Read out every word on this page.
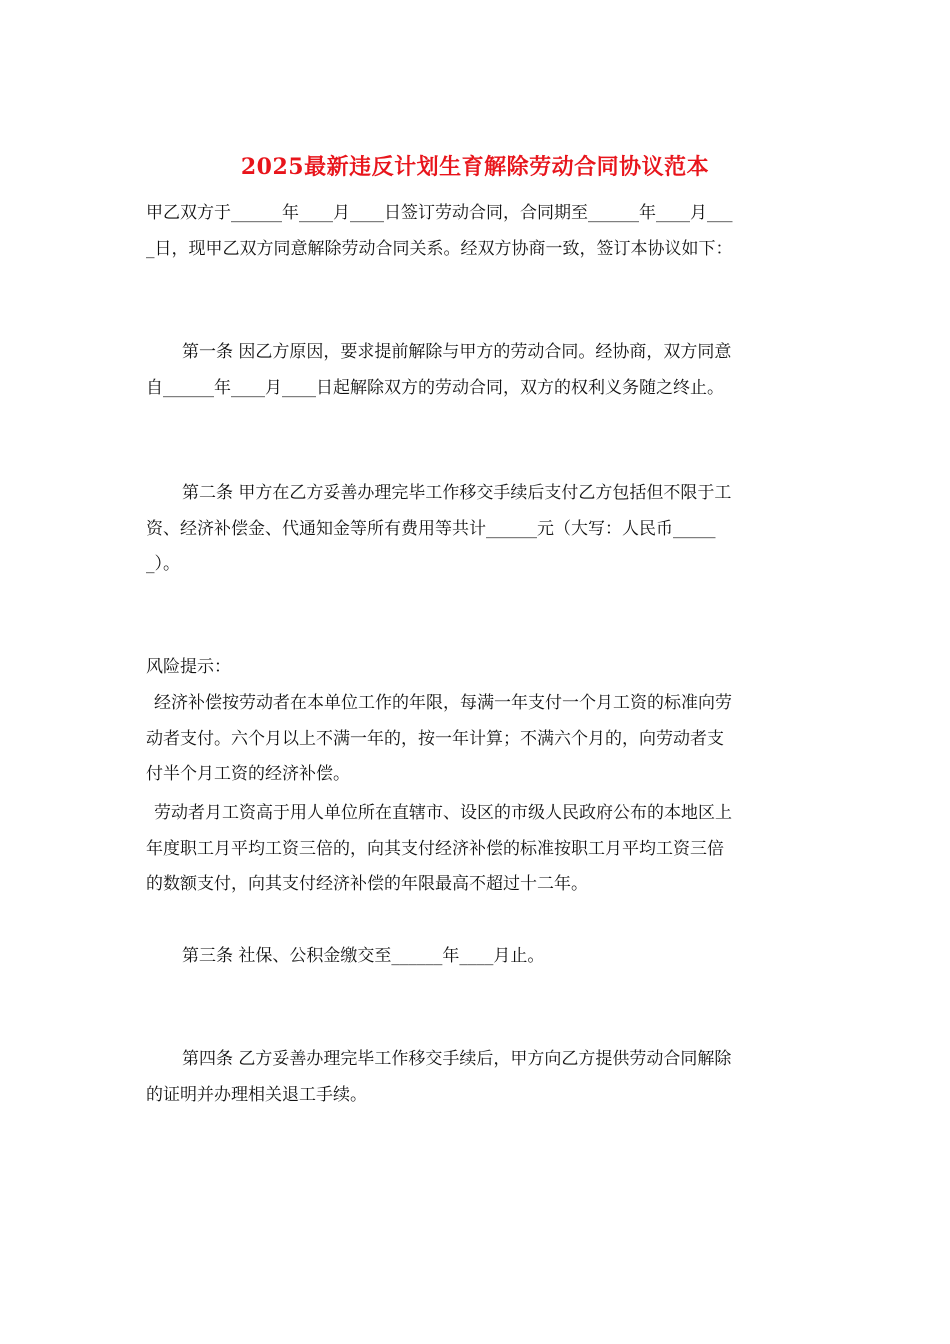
2025最新违反计划生育解除劳动合同协议范本

甲乙双方于______年____月____日签订劳动合同，合同期至______年____月___
_日，现甲乙双方同意解除劳动合同关系。经双方协商一致，签订本协议如下：

第一条 因乙方原因，要求提前解除与甲方的劳动合同。经协商，双方同意
自______年____月____日起解除双方的劳动合同，双方的权利义务随之终止。

第二条 甲方在乙方妥善办理完毕工作移交手续后支付乙方包括但不限于工
资、经济补偿金、代通知金等所有费用等共计______元（大写：人民币_____
_）。

风险提示：

经济补偿按劳动者在本单位工作的年限，每满一年支付一个月工资的标准向劳
动者支付。六个月以上不满一年的，按一年计算；不满六个月的，向劳动者支
付半个月工资的经济补偿。

劳动者月工资高于用人单位所在直辖市、设区的市级人民政府公布的本地区上
年度职工月平均工资三倍的，向其支付经济补偿的标准按职工月平均工资三倍
的数额支付，向其支付经济补偿的年限最高不超过十二年。

第三条 社保、公积金缴交至______年____月止。

第四条 乙方妥善办理完毕工作移交手续后，甲方向乙方提供劳动合同解除
的证明并办理相关退工手续。
